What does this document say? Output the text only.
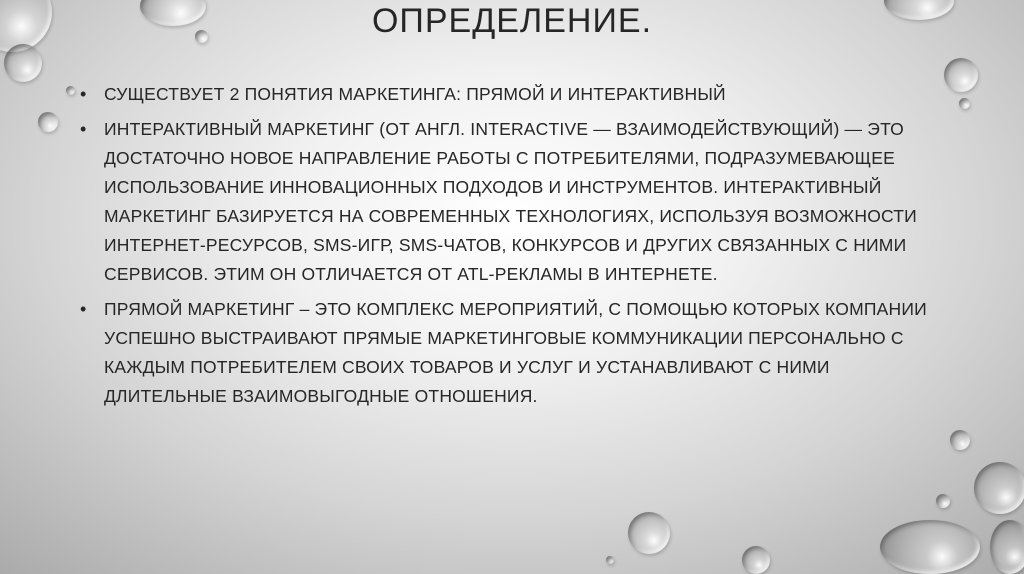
ОПРЕДЕЛЕНИЕ.
• СУЩЕСТВУЕТ 2 ПОНЯТИЯ МАРКЕТИНГА: ПРЯМОЙ И ИНТЕРАКТИВНЫЙ
• ИНТЕРАКТИВНЫЙ МАРКЕТИНГ (ОТ АНГЛ. INTERACTIVE — ВЗАИМОДЕЙСТВУЮЩИЙ) — ЭТО ДОСТАТОЧНО НОВОЕ НАПРАВЛЕНИЕ РАБОТЫ С ПОТРЕБИТЕЛЯМИ, ПОДРАЗУМЕВАЮЩЕЕ ИСПОЛЬЗОВАНИЕ ИННОВАЦИОННЫХ ПОДХОДОВ И ИНСТРУМЕНТОВ. ИНТЕРАКТИВНЫЙ МАРКЕТИНГ БАЗИРУЕТСЯ НА СОВРЕМЕННЫХ ТЕХНОЛОГИЯХ, ИСПОЛЬЗУЯ ВОЗМОЖНОСТИ ИНТЕРНЕТ-РЕСУРСОВ, SMS-ИГР, SMS-ЧАТОВ, КОНКУРСОВ И ДРУГИХ СВЯЗАННЫХ С НИМИ СЕРВИСОВ. ЭТИМ ОН ОТЛИЧАЕТСЯ ОТ ATL-РЕКЛАМЫ В ИНТЕРНЕТЕ.
• ПРЯМОЙ МАРКЕТИНГ – ЭТО КОМПЛЕКС МЕРОПРИЯТИЙ, С ПОМОЩЬЮ КОТОРЫХ КОМПАНИИ УСПЕШНО ВЫСТРАИВАЮТ ПРЯМЫЕ МАРКЕТИНГОВЫЕ КОММУНИКАЦИИ ПЕРСОНАЛЬНО С КАЖДЫМ ПОТРЕБИТЕЛЕМ СВОИХ ТОВАРОВ И УСЛУГ И УСТАНАВЛИВАЮТ С НИМИ ДЛИТЕЛЬНЫЕ ВЗАИМОВЫГОДНЫЕ ОТНОШЕНИЯ.
